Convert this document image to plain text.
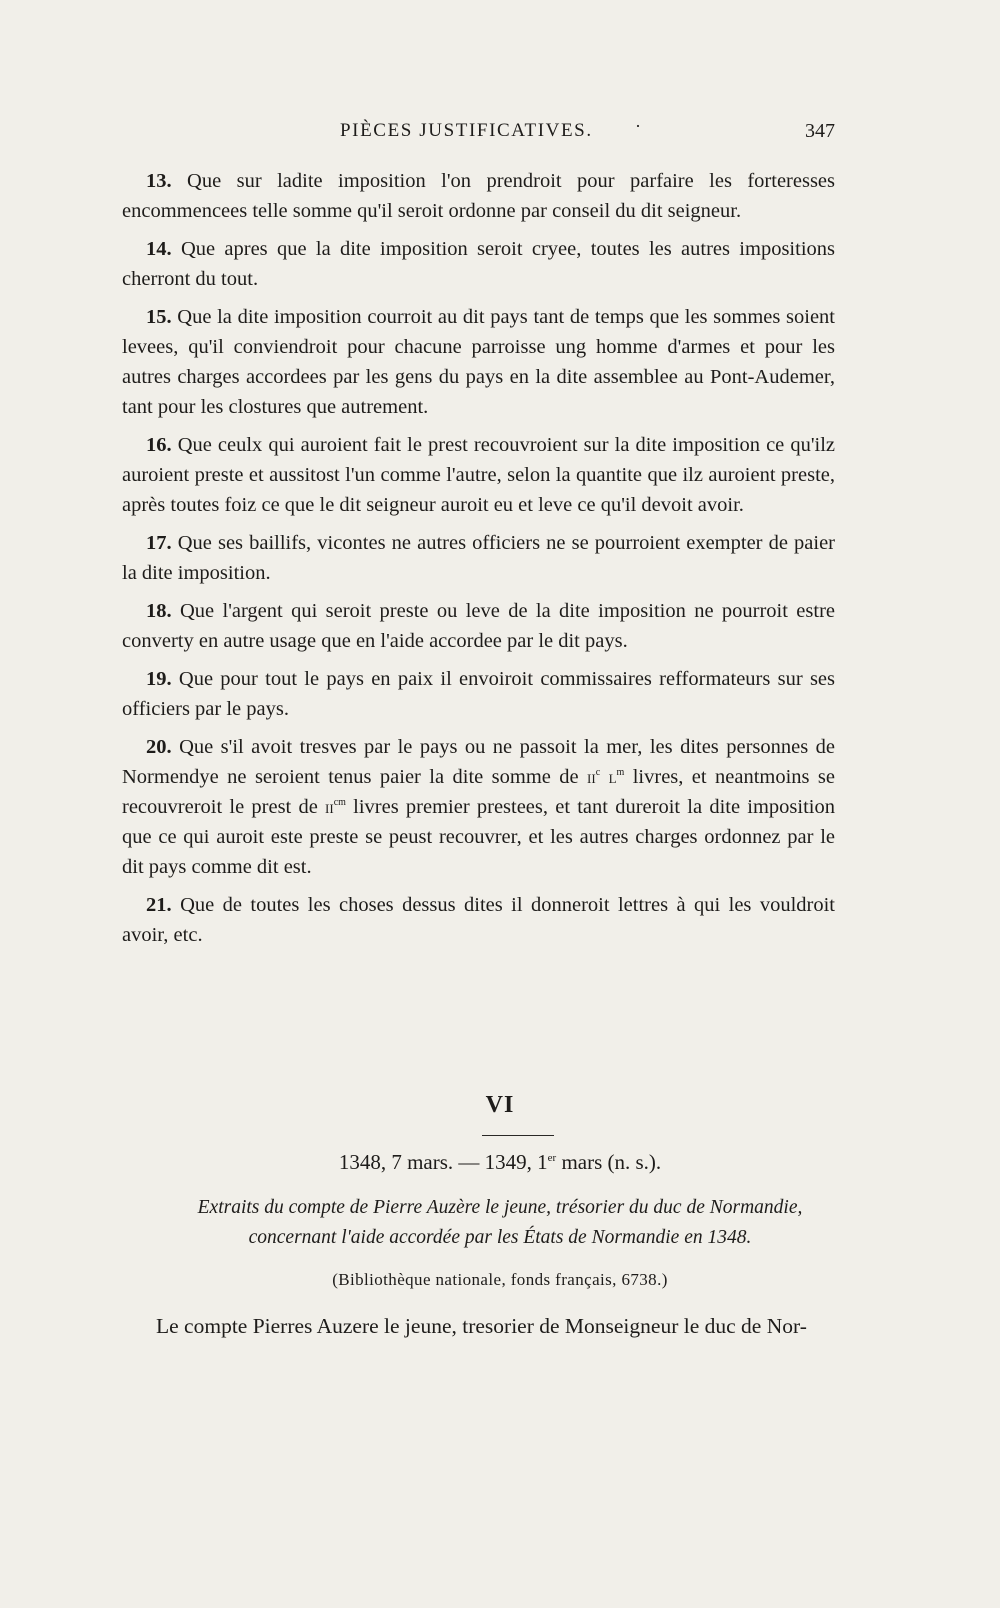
PIÈCES JUSTIFICATIVES. ·	347

13. Que sur ladite imposition l'on prendroit pour parfaire les forteresses encommencees telle somme qu'il seroit ordonne par conseil du dit seigneur.

14. Que apres que la dite imposition seroit cryee, toutes les autres impositions cherront du tout.

15. Que la dite imposition courroit au dit pays tant de temps que les sommes soient levees, qu'il conviendroit pour chacune parroisse ung homme d'armes et pour les autres charges accordees par les gens du pays en la dite assemblee au Pont-Audemer, tant pour les clostures que autrement.

16. Que ceulx qui auroient fait le prest recouvroient sur la dite imposition ce qu'ilz auroient preste et aussitost l'un comme l'autre, selon la quantite que ilz auroient preste, après toutes foiz ce que le dit seigneur auroit eu et leve ce qu'il devoit avoir.

17. Que ses baillifs, vicontes ne autres officiers ne se pourroient exempter de paier la dite imposition.

18. Que l'argent qui seroit preste ou leve de la dite imposition ne pourroit estre converty en autre usage que en l'aide accordee par le dit pays.

19. Que pour tout le pays en paix il envoiroit commissaires refformateurs sur ses officiers par le pays.

20. Que s'il avoit tresves par le pays ou ne passoit la mer, les dites personnes de Normendye ne seroient tenus paier la dite somme de $ii^c$ $l^m$ livres, et neantmoins se recouvreroit le prest de $ii^{cm}$ livres premier prestees, et tant dureroit la dite imposition que ce qui auroit este preste se peust recouvrer, et les autres charges ordonnez par le dit pays comme dit est.

21. Que de toutes les choses dessus dites il donneroit lettres à qui les vouldroit avoir, etc.

VI
1348, 7 mars. — 1349, 1er mars (n. s.).
Extraits du compte de Pierre Auzère le jeune, trésorier du duc de Normandie,
concernant l'aide accordée par les États de Normandie en 1348.
(Bibliothèque nationale, fonds français, 6738.)
Le compte Pierres Auzere le jeune, tresorier de Monseigneur le duc de Nor-
